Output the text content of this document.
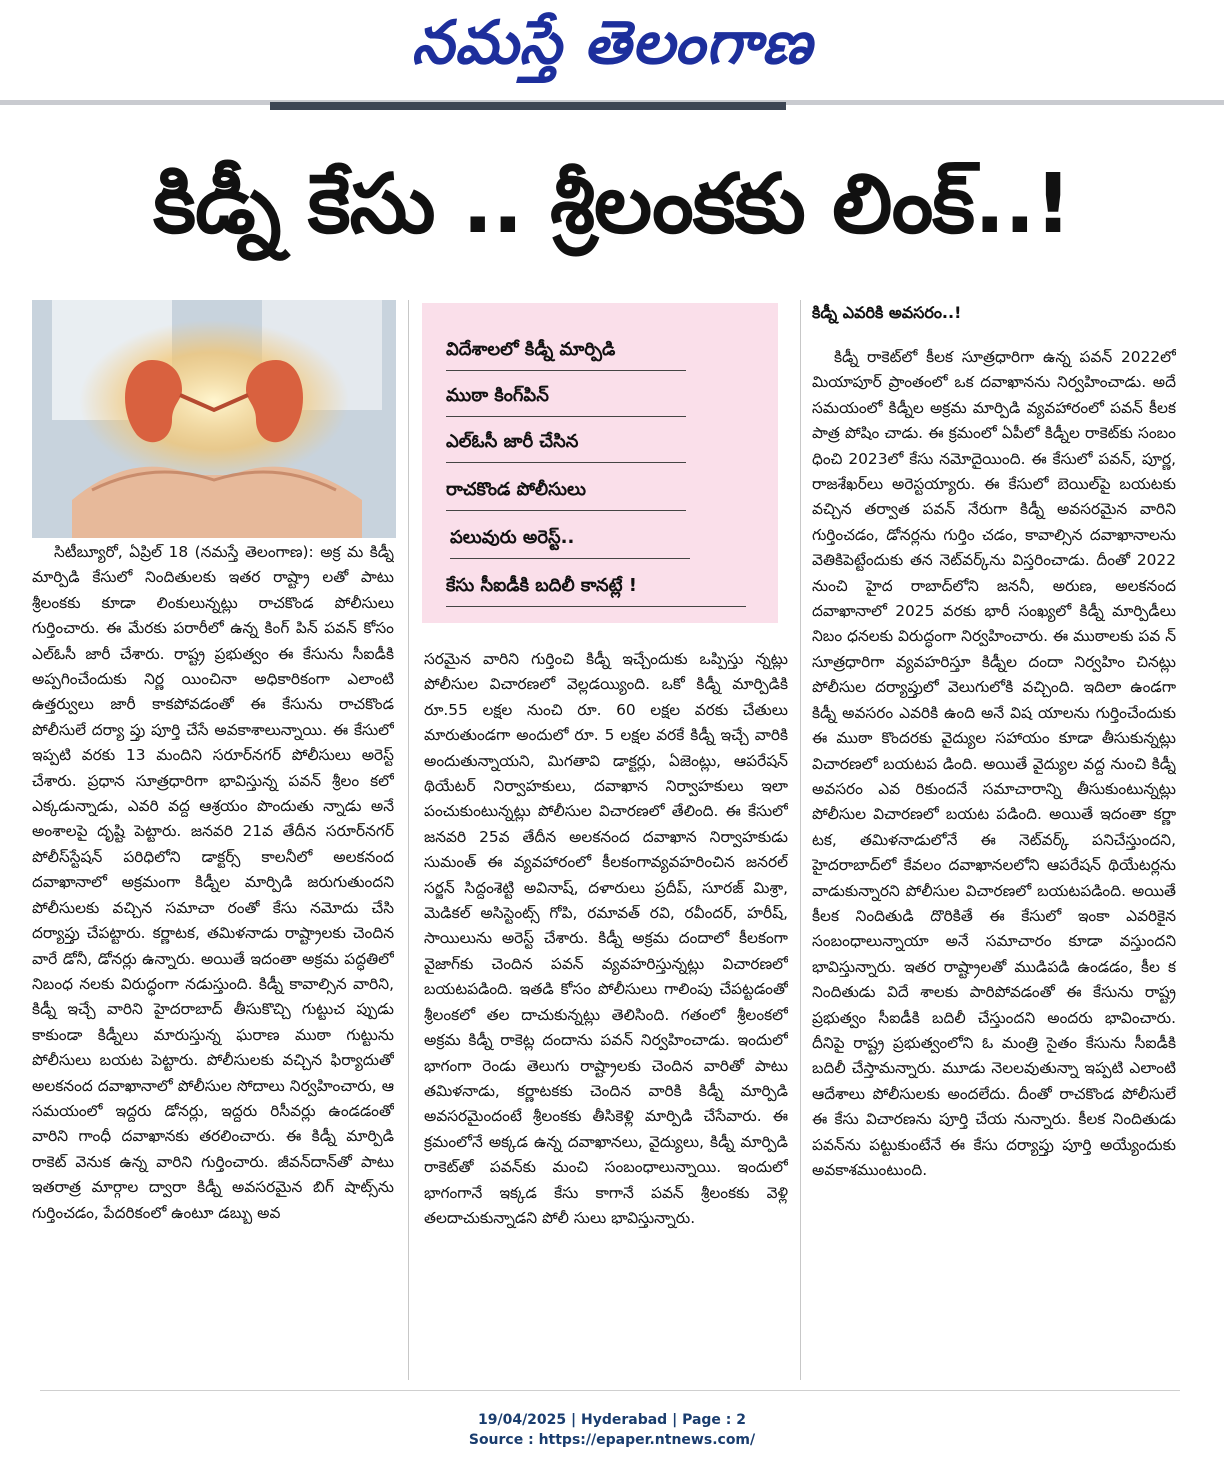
నమస్తే తెలంగాణ
కిడ్నీ కేసు .. శ్రీలంకకు లింక్..!
విదేశాలలో కిడ్నీ మార్పిడి
ముఠా కింగ్‌పిన్
ఎల్ఓసీ జారీ చేసిన
రాచకొండ పోలీసులు
పలువురు అరెస్ట్..
కేసు సీఐడీకి బదిలీ కానట్లే !

సిటీబ్యూరో, ఏప్రిల్ 18 (నమస్తే తెలంగాణ): అక్ర మ కిడ్నీ మార్పిడి కేసులో నిందితులకు ఇతర రాష్ట్రా లతో పాటు శ్రీలంకకు కూడా లింకులున్నట్లు రాచకొండ పోలీసులు గుర్తించారు. ఈ మేరకు పరారీలో ఉన్న కింగ్ పిన్ పవన్ కోసం ఎల్ఓసీ జారీ చేశారు. రాష్ట్ర ప్రభుత్వం ఈ కేసును సీఐడీకి అప్పగించేందుకు నిర్ణ యించినా అధికారికంగా ఎలాంటి ఉత్తర్వులు జారీ కాకపోవడంతో ఈ కేసును రాచకొండ పోలీసులే దర్యా ప్తు పూర్తి చేసే అవకాశాలున్నాయి. ఈ కేసులో ఇప్పటి వరకు 13 మందిని సరూర్‌నగర్ పోలీసులు అరెస్ట్ చేశారు. ప్రధాన సూత్రధారిగా భావిస్తున్న పవన్ శ్రీలం కలో ఎక్కడున్నాడు, ఎవరి వద్ద ఆశ్రయం పొందుతు న్నాడు అనే అంశాలపై దృష్టి పెట్టారు. జనవరి 21వ తేదీన సరూర్‌నగర్ పోలీస్‌స్టేషన్ పరిధిలోని డాక్టర్స్ కాలనీలో అలకనంద దవాఖానాలో అక్రమంగా కిడ్నీల మార్పిడి జరుగుతుందని పోలీసులకు వచ్చిన సమాచా రంతో కేసు నమోదు చేసి దర్యాప్తు చేపట్టారు. కర్ణాటక, తమిళనాడు రాష్ట్రాలకు చెందిన వారే డోనీ, డోనర్లు ఉన్నారు. అయితే ఇదంతా అక్రమ పద్ధతిలో నిబంధ నలకు విరుద్ధంగా నడుస్తుంది. కిడ్నీ కావాల్సిన వారిని, కిడ్నీ ఇచ్చే వారిని హైదరాబాద్ తీసుకొచ్చి గుట్టుచ ప్పుడు కాకుండా కిడ్నీలు మారుస్తున్న ఘరాణ ముఠా గుట్టును పోలీసులు బయట పెట్టారు. పోలీసులకు వచ్చిన ఫిర్యాదుతో అలకనంద దవాఖానాలో పోలీసుల సోదాలు నిర్వహించారు, ఆ సమయంలో ఇద్దరు డోనర్లు, ఇద్దరు రిసీవర్లు ఉండడంతో వారిని గాంధీ దవాఖానకు తరలించారు. ఈ కిడ్నీ మార్పిడి రాకెట్ వెనుక ఉన్న వారిని గుర్తించారు. జీవన్‌దాన్‌తో పాటు ఇతరాత్ర మార్గాల ద్వారా కిడ్నీ అవసరమైన బిగ్ షాట్స్‌ను గుర్తించడం, పేదరికంలో ఉంటూ డబ్బు అవ

సరమైన వారిని గుర్తించి కిడ్నీ ఇచ్చేందుకు ఒప్పిస్తు న్నట్లు పోలీసుల విచారణలో వెల్లడయ్యింది. ఒకో కిడ్నీ మార్పిడికి రూ.55 లక్షల నుంచి రూ. 60 లక్షల వరకు చేతులు మారుతుండగా అందులో రూ. 5 లక్షల వరకే కిడ్నీ ఇచ్చే వారికి అందుతున్నాయని, మిగతావి డాక్టర్లు, ఏజెంట్లు, ఆపరేషన్ థియేటర్ నిర్వాహకులు, దవాఖాన నిర్వాహకులు ఇలా పంచుకుంటున్నట్లు పోలీసుల విచారణలో తేలింది. ఈ కేసులో జనవరి 25వ తేదీన అలకనంద దవాఖాన నిర్వాహకుడు సుమంత్ ఈ వ్యవహారంలో కీలకంగావ్యవహరించిన జనరల్ సర్జన్ సిద్దంశెట్టి అవినాష్, దళారులు ప్రదీప్, సూరజ్ మిశ్రా, మెడికల్ అసిస్టెంట్స్ గోపి, రమావత్ రవి, రవీందర్, హరీష్, సాయిలును అరెస్ట్ చేశారు. కిడ్నీ అక్రమ దందాలో కీలకంగా వైజాగ్‌కు చెందిన పవన్ వ్యవహరిస్తున్నట్లు విచారణలో బయటపడింది. ఇతడి కోసం పోలీసులు గాలింపు చేపట్టడంతో శ్రీలంకలో తల దాచుకున్నట్లు తెలిసింది. గతంలో శ్రీలంకలో అక్రమ కిడ్నీ రాకెట్ల దందాను పవన్ నిర్వహించాడు. ఇందులో భాగంగా రెండు తెలుగు రాష్ట్రాలకు చెందిన వారితో పాటు తమిళనాడు, కర్ణాటకకు చెందిన వారికి కిడ్నీ మార్పిడి అవసరమైందంటే శ్రీలంకకు తీసికెళ్లి మార్పిడి చేసేవారు. ఈ క్రమంలోనే అక్కడ ఉన్న దవాఖానలు, వైద్యులు, కిడ్నీ మార్పిడి రాకెట్‌తో పవన్‌కు మంచి సంబంధాలున్నాయి. ఇందులో భాగంగానే ఇక్కడ కేసు కాగానే పవన్ శ్రీలంకకు వెళ్లి తలదాచుకున్నాడని పోలీ సులు భావిస్తున్నారు.

కిడ్నీ ఎవరికి అవసరం..!

కిడ్నీ రాకెట్‌లో కీలక సూత్రధారిగా ఉన్న పవన్ 2022లో మియాపూర్ ప్రాంతంలో ఒక దవాఖానను నిర్వహించాడు. అదే సమయంలో కిడ్నీల అక్రమ మార్పిడి వ్యవహారంలో పవన్ కీలక పాత్ర పోషిం చాడు. ఈ క్రమంలో ఏపీలో కిడ్నీల రాకెట్‌కు సంబం ధించి 2023లో కేసు నమోదైయింది. ఈ కేసులో పవన్, పూర్ణ, రాజశేఖర్‌లు అరెస్టయ్యారు. ఈ కేసులో బెయిల్‌పై బయటకు వచ్చిన తర్వాత పవన్ నేరుగా కిడ్నీ అవసరమైన వారిని గుర్తించడం, డోనర్లను గుర్తిం చడం, కావాల్సిన దవాఖానాలను వెతికిపెట్టేందుకు తన నెట్‌వర్క్‌ను విస్తరించాడు. దీంతో 2022 నుంచి హైద రాబాద్‌లోని జననీ, అరుణ, అలకనంద దవాఖానాలో 2025 వరకు భారీ సంఖ్యలో కిడ్నీ మార్పిడీలు నిబం ధనలకు విరుద్ధంగా నిర్వహించారు. ఈ ముఠాలకు పవ న్ సూత్రధారిగా వ్యవహరిస్తూ కిడ్నీల దందా నిర్వహిం చినట్లు పోలీసుల దర్యాప్తులో వెలుగులోకి వచ్చింది. ఇదిలా ఉండగా కిడ్నీ అవసరం ఎవరికి ఉంది అనే విష యాలను గుర్తించేందుకు ఈ ముఠా కొందరకు వైద్యుల సహాయం కూడా తీసుకున్నట్లు విచారణలో బయటప డింది. అయితే వైద్యుల వద్ద నుంచి కిడ్నీ అవసరం ఎవ రికుందనే సమాచారాన్ని తీసుకుంటున్నట్లు పోలీసుల విచారణలో బయట పడింది. అయితే ఇదంతా కర్ణా టక, తమిళనాడులోనే ఈ నెట్‌వర్క్ పనిచేస్తుందని, హైదరాబాద్‌లో కేవలం దవాఖానలలోని ఆపరేషన్ థియేటర్లను వాడుకున్నారని పోలీసుల విచారణలో బయటపడింది. అయితే కీలక నిందితుడి దొరికితే ఈ కేసులో ఇంకా ఎవరికైన సంబంధాలున్నాయా అనే సమాచారం కూడా వస్తుందని భావిస్తున్నారు. ఇతర రాష్ట్రాలతో ముడిపడి ఉండడం, కీల క నిందితుడు విదే శాలకు పారిపోవడంతో ఈ కేసును రాష్ట్ర ప్రభుత్వం సీఐడీకి బదిలీ చేస్తుందని అందరు భావించారు. దీనిపై రాష్ట్ర ప్రభుత్వంలోని ఓ మంత్రి సైతం కేసును సీఐడీకి బదిలీ చేస్తామన్నారు. మూడు నెలలవుతున్నా ఇప్పటి ఎలాంటి ఆదేశాలు పోలీసులకు అందలేదు. దీంతో రాచకొండ పోలీసులే ఈ కేసు విచారణను పూర్తి చేయ నున్నారు. కీలక నిందితుడు పవన్‌ను పట్టుకుంటేనే ఈ కేసు దర్యాప్తు పూర్తి అయ్యేందుకు అవకాశముంటుంది.

19/04/2025 | Hyderabad | Page : 2
Source : https://epaper.ntnews.com/
